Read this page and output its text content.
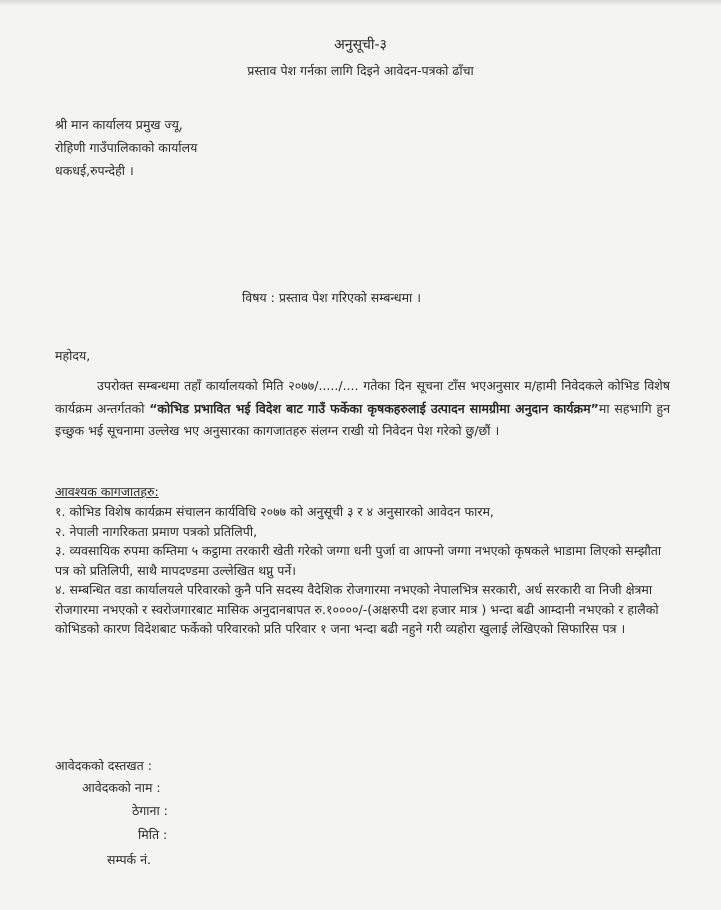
अनुसूची-३
प्रस्ताव पेश गर्नका लागि दिइने आवेदन-पत्रको ढाँचा
श्री मान कार्यालय प्रमुख ज्यू,
रोहिणी गाउँपालिकाको कार्यालय
धकधई,रुपन्देही ।
विषय : प्रस्ताव पेश गरिएको सम्बन्धमा ।
महोदय,
उपरोक्त सम्बन्धमा तहाँ कार्यालयको मिति २०७७/...../.... गतेका दिन सूचना टाँस भएअनुसार म/हामी निवेदकले कोभिड विशेष कार्यक्रम अन्तर्गतको “कोभिड प्रभावित भई विदेश बाट गाउँ फर्केका कृषकहरुलाई उत्पादन सामग्रीमा अनुदान कार्यक्रम”मा सहभागि हुन इच्छुक भई सूचनामा उल्लेख भए अनुसारका कागजातहरु संलग्न राखी यो निवेदन पेश गरेको छु/छौं ।
आवश्यक कागजातहरु:
१. कोभिड विशेष कार्यक्रम संचालन कार्यविधि २०७७ को अनुसूची ३ र ४ अनुसारको आवेदन फारम,
२. नेपाली नागरिकता प्रमाण पत्रको प्रतिलिपी,
३. व्यवसायिक रुपमा कम्तिमा ५ कट्ठामा तरकारी खेती गरेको जग्गा धनी पुर्जा वा आफ्नो जग्गा नभएको कृषकले भाडामा लिएको सम्झौता पत्र को प्रतिलिपी, साथै मापदण्डमा उल्लेखित थप्नु पर्ने।
४. सम्बन्धित वडा कार्यालयले परिवारको कुनै पनि सदस्य वैदेशिक रोजगारमा नभएको नेपालभित्र सरकारी, अर्ध सरकारी वा निजी क्षेत्रमा रोजगारमा नभएको र स्वरोजगारबाट मासिक अनुदानबापत रु.१००००/-(अक्षरुपी दश हजार मात्र ) भन्दा बढी आम्दानी नभएको र हालैको कोभिडको कारण विदेशबाट फर्केको परिवारको प्रति परिवार १ जना भन्दा बढी नहुने गरी व्यहोरा खुलाई लेखिएको सिफारिस पत्र ।
आवेदकको दस्तखत :
आवेदकको नाम :
ठेगाना :
मिति :
सम्पर्क नं.
